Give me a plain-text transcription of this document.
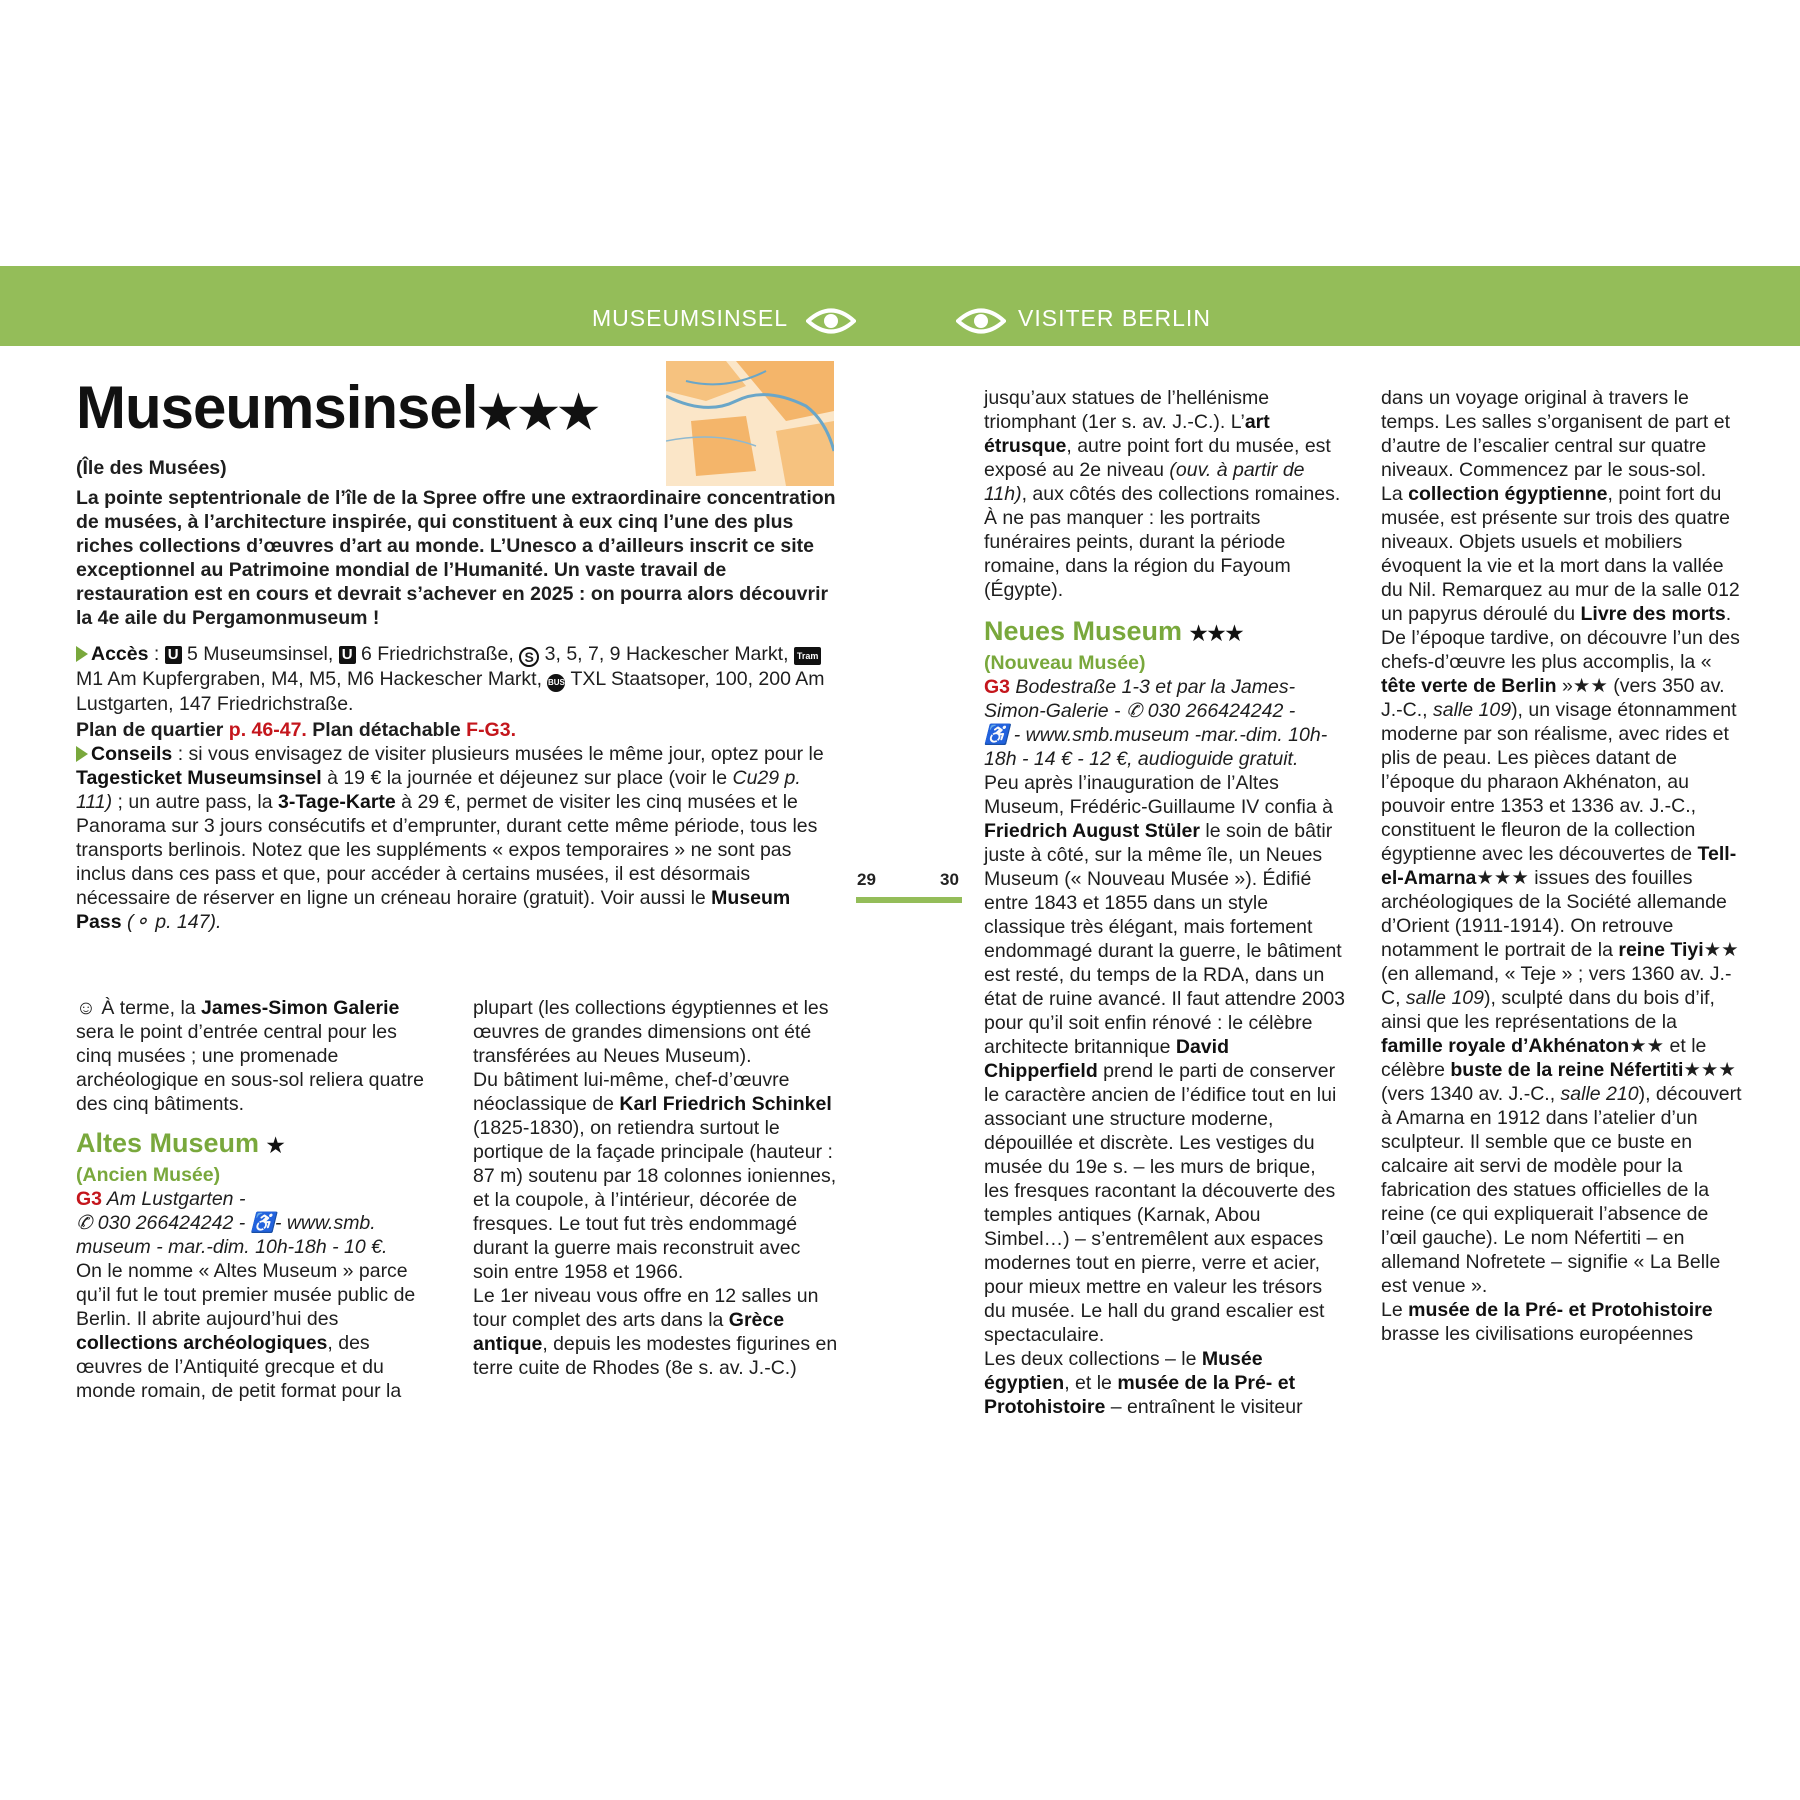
MUSEUMSINSEL	VISITER BERLIN
29	30
Museumsinsel★★★
(Île des Musées)
La pointe septentrionale de l’île de la Spree offre une extraordinaire concentration de musées, à l’architecture inspirée, qui constituent à eux cinq l’une des plus riches collections d’œuvres d’art au monde. L’Unesco a d’ailleurs inscrit ce site exceptionnel au Patrimoine mondial de l’Humanité. Un vaste travail de restauration est en cours et devrait s’achever en 2025 : on pourra alors découvrir la 4e aile du Pergamonmuseum !
Accès : U 5 Museumsinsel, U 6 Friedrichstraße, S 3, 5, 7, 9 Hackescher Markt, Tram M1 Am Kupfergraben, M4, M5, M6 Hackescher Markt, BUS TXL Staatsoper, 100, 200 Am Lustgarten, 147 Friedrichstraße.
Plan de quartier p. 46-47. Plan détachable F-G3.
Conseils : si vous envisagez de visiter plusieurs musées le même jour, optez pour le Tagesticket Museumsinsel à 19 € la journée et déjeunez sur place (voir le Cu29 p. 111) ; un autre pass, la 3-Tage-Karte à 29 €, permet de visiter les cinq musées et le Panorama sur 3 jours consécutifs et d’emprunter, durant cette même période, tous les transports berlinois. Notez que les suppléments « expos temporaires » ne sont pas inclus dans ces pass et que, pour accéder à certains musées, il est désormais nécessaire de réserver en ligne un créneau horaire (gratuit). Voir aussi le Museum Pass (⚬ p. 147).

☺ À terme, la James-Simon Galerie sera le point d’entrée central pour les cinq musées ; une promenade archéologique en sous-sol reliera quatre des cinq bâtiments.

Altes Museum ★
(Ancien Musée)

G3 Am Lustgarten -
✆ 030 266424242 - ♿- www.smb. museum - mar.-dim. 10h-18h - 10 €.

On le nomme « Altes Museum » parce qu’il fut le tout premier musée public de Berlin. Il abrite aujourd’hui des collections archéologiques, des œuvres de l’Antiquité grecque et du monde romain, de petit format pour la

plupart (les collections égyptiennes et les œuvres de grandes dimensions ont été transférées au Neues Museum).

Du bâtiment lui-même, chef-d’œuvre néoclassique de Karl Friedrich Schinkel (1825-1830), on retiendra surtout le portique de la façade principale (hauteur : 87 m) soutenu par 18 colonnes ioniennes, et la coupole, à l’intérieur, décorée de fresques. Le tout fut très endommagé durant la guerre mais reconstruit avec soin entre 1958 et 1966.

Le 1er niveau vous offre en 12 salles un tour complet des arts dans la Grèce antique, depuis les modestes figurines en terre cuite de Rhodes (8e s. av. J.-C.)

jusqu’aux statues de l’hellénisme triomphant (1er s. av. J.-C.). L’art étrusque, autre point fort du musée, est exposé au 2e niveau (ouv. à partir de 11h), aux côtés des collections romaines. À ne pas manquer : les portraits funéraires peints, durant la période romaine, dans la région du Fayoum (Égypte).

Neues Museum ★★★
(Nouveau Musée)

G3 Bodestraße 1-3 et par la James-Simon-Galerie - ✆ 030 266424242 -
♿ - www.smb.museum -mar.-dim. 10h-18h - 14 € - 12 €, audioguide gratuit.

Peu après l’inauguration de l’Altes Museum, Frédéric-Guillaume IV confia à Friedrich August Stüler le soin de bâtir juste à côté, sur la même île, un Neues Museum (« Nouveau Musée »). Édifié entre 1843 et 1855 dans un style classique très élégant, mais fortement endommagé durant la guerre, le bâtiment est resté, du temps de la RDA, dans un état de ruine avancé. Il faut attendre 2003 pour qu’il soit enfin rénové : le célèbre architecte britannique David Chipperfield prend le parti de conserver le caractère ancien de l’édifice tout en lui associant une structure moderne, dépouillée et discrète. Les vestiges du musée du 19e s. – les murs de brique, les fresques racontant la découverte des temples antiques (Karnak, Abou Simbel…) – s’entremêlent aux espaces modernes tout en pierre, verre et acier, pour mieux mettre en valeur les trésors du musée. Le hall du grand escalier est spectaculaire.

Les deux collections – le Musée égyptien, et le musée de la Pré- et Protohistoire – entraînent le visiteur

dans un voyage original à travers le temps. Les salles s’organisent de part et d’autre de l’escalier central sur quatre niveaux. Commencez par le sous-sol.

La collection égyptienne, point fort du musée, est présente sur trois des quatre niveaux. Objets usuels et mobiliers évoquent la vie et la mort dans la vallée du Nil. Remarquez au mur de la salle 012 un papyrus déroulé du Livre des morts. De l’époque tardive, on découvre l’un des chefs-d’œuvre les plus accomplis, la « tête verte de Berlin »★★ (vers 350 av. J.-C., salle 109), un visage étonnamment moderne par son réalisme, avec rides et plis de peau. Les pièces datant de l’époque du pharaon Akhénaton, au pouvoir entre 1353 et 1336 av. J.-C., constituent le fleuron de la collection égyptienne avec les découvertes de Tell-el-Amarna★★★ issues des fouilles archéologiques de la Société allemande d’Orient (1911-1914). On retrouve notamment le portrait de la reine Tiyi★★ (en allemand, « Teje » ; vers 1360 av. J.-C, salle 109), sculpté dans du bois d’if, ainsi que les représentations de la famille royale d’Akhénaton★★ et le célèbre buste de la reine Néfertiti★★★ (vers 1340 av. J.-C., salle 210), découvert à Amarna en 1912 dans l’atelier d’un sculpteur. Il semble que ce buste en calcaire ait servi de modèle pour la fabrication des statues officielles de la reine (ce qui expliquerait l’absence de l’œil gauche). Le nom Néfertiti – en allemand Nofretete – signifie « La Belle est venue ».

Le musée de la Pré- et Protohistoire brasse les civilisations européennes
